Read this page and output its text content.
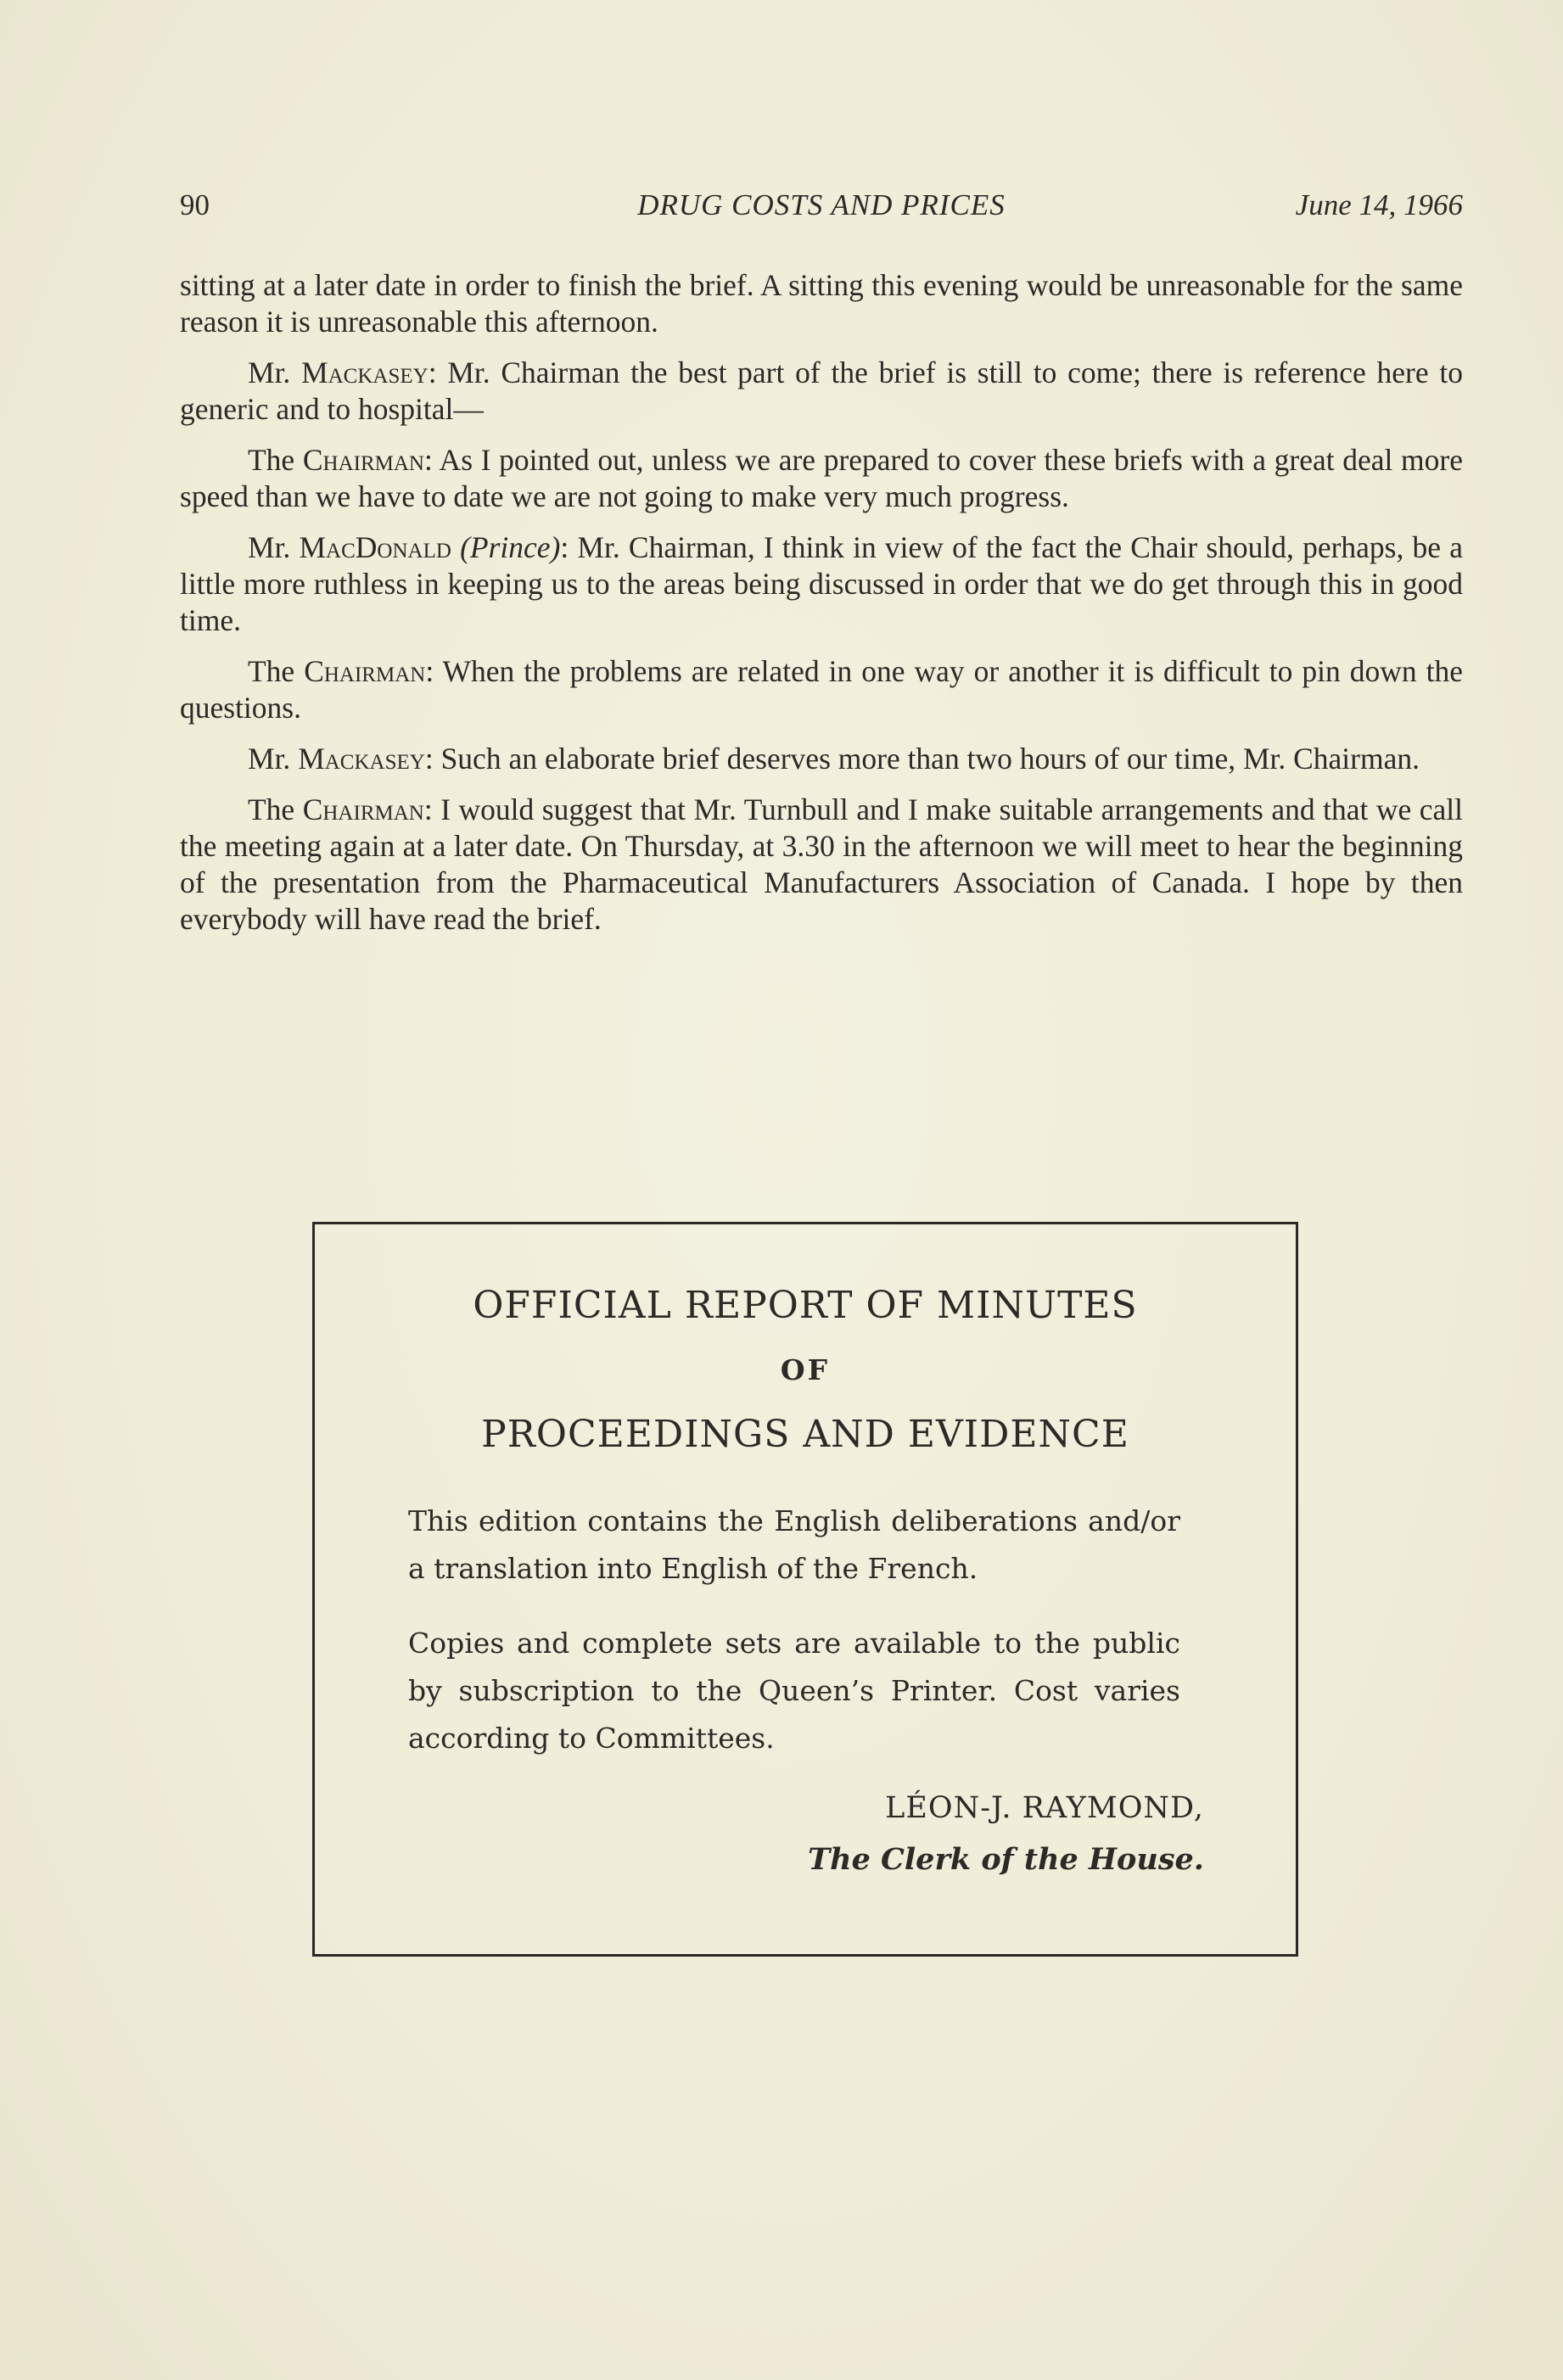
90	DRUG COSTS AND PRICES	June 14, 1966

sitting at a later date in order to finish the brief. A sitting this evening would be unreasonable for the same reason it is unreasonable this afternoon.

Mr. Mackasey: Mr. Chairman the best part of the brief is still to come; there is reference here to generic and to hospital—

The Chairman: As I pointed out, unless we are prepared to cover these briefs with a great deal more speed than we have to date we are not going to make very much progress.

Mr. MacDonald (Prince): Mr. Chairman, I think in view of the fact the Chair should, perhaps, be a little more ruthless in keeping us to the areas being discussed in order that we do get through this in good time.

The Chairman: When the problems are related in one way or another it is difficult to pin down the questions.

Mr. Mackasey: Such an elaborate brief deserves more than two hours of our time, Mr. Chairman.

The Chairman: I would suggest that Mr. Turnbull and I make suitable arrangements and that we call the meeting again at a later date. On Thursday, at 3.30 in the afternoon we will meet to hear the beginning of the presentation from the Pharmaceutical Manufacturers Association of Canada. I hope by then everybody will have read the brief.

OFFICIAL REPORT OF MINUTES
OF
PROCEEDINGS AND EVIDENCE
This edition contains the English deliberations and/or a translation into English of the French.
Copies and complete sets are available to the public by subscription to the Queen’s Printer. Cost varies according to Committees.
LÉON-J. RAYMOND,
The Clerk of the House.
